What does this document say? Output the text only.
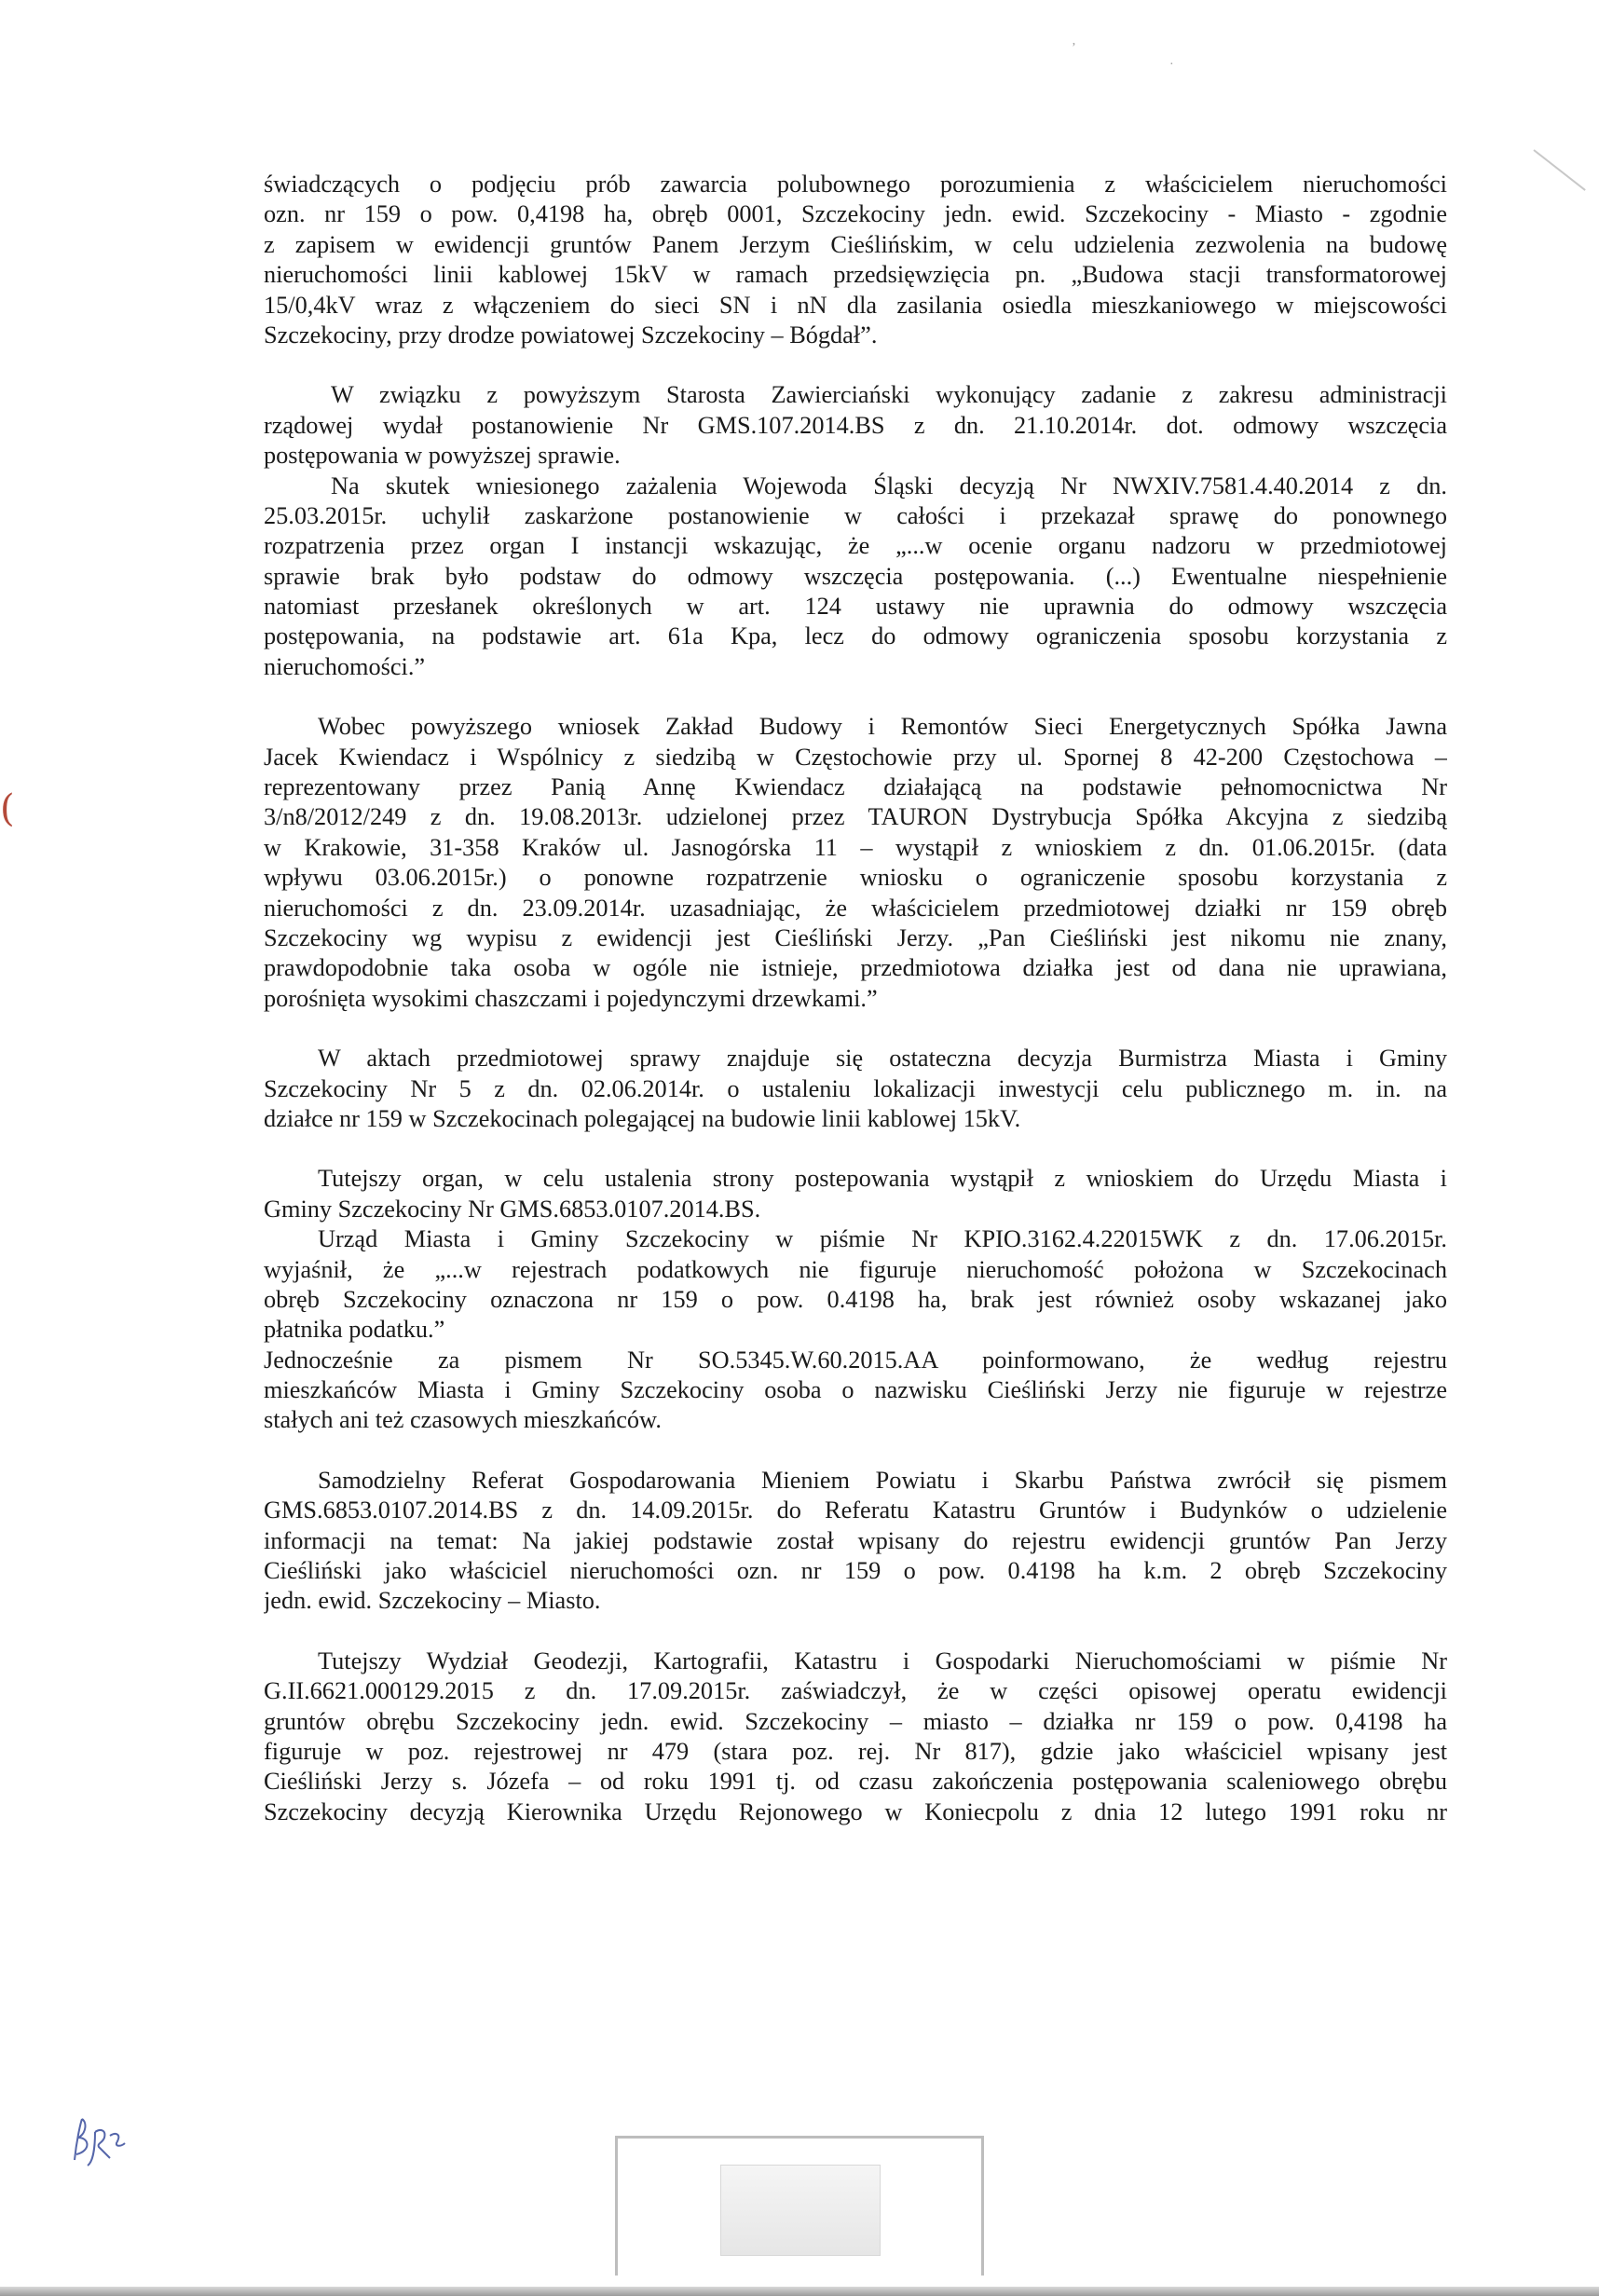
ʼ
·
(
świadczących o podjęciu prób zawarcia polubownego porozumienia z właścicielem nieruchomości
ozn. nr 159 o pow. 0,4198 ha, obręb 0001, Szczekociny jedn. ewid. Szczekociny - Miasto - zgodnie
z zapisem w ewidencji gruntów Panem Jerzym Cieślińskim, w celu udzielenia zezwolenia na budowę
nieruchomości linii kablowej 15kV w ramach przedsięwzięcia pn. „Budowa stacji transformatorowej
15/0,4kV wraz z włączeniem do sieci SN i nN dla zasilania osiedla mieszkaniowego w miejscowości
Szczekociny, przy drodze powiatowej Szczekociny – Bógdał”.
W związku z powyższym Starosta Zawierciański wykonujący zadanie z zakresu administracji
rządowej wydał postanowienie Nr GMS.107.2014.BS z dn. 21.10.2014r. dot. odmowy wszczęcia
postępowania w powyższej sprawie.
Na skutek wniesionego zażalenia Wojewoda Śląski decyzją Nr NWXIV.7581.4.40.2014 z dn.
25.03.2015r. uchylił zaskarżone postanowienie w całości i przekazał sprawę do ponownego
rozpatrzenia przez organ I instancji wskazując, że „...w ocenie organu nadzoru w przedmiotowej
sprawie brak było podstaw do odmowy wszczęcia postępowania. (...) Ewentualne niespełnienie
natomiast przesłanek określonych w art. 124 ustawy nie uprawnia do odmowy wszczęcia
postępowania, na podstawie art. 61a Kpa, lecz do odmowy ograniczenia sposobu korzystania z
nieruchomości.”
Wobec powyższego wniosek Zakład Budowy i Remontów Sieci Energetycznych Spółka Jawna
Jacek Kwiendacz i Wspólnicy z siedzibą w Częstochowie przy ul. Spornej 8 42-200 Częstochowa –
reprezentowany przez Panią Annę Kwiendacz działającą na podstawie pełnomocnictwa Nr
3/n8/2012/249 z dn. 19.08.2013r. udzielonej przez TAURON Dystrybucja Spółka Akcyjna z siedzibą
w Krakowie, 31-358 Kraków ul. Jasnogórska 11 – wystąpił z wnioskiem z dn. 01.06.2015r. (data
wpływu 03.06.2015r.) o ponowne rozpatrzenie wniosku o ograniczenie sposobu korzystania z
nieruchomości z dn. 23.09.2014r. uzasadniając, że właścicielem przedmiotowej działki nr 159 obręb
Szczekociny wg wypisu z ewidencji jest Cieśliński Jerzy. „Pan Cieśliński jest nikomu nie znany,
prawdopodobnie taka osoba w ogóle nie istnieje, przedmiotowa działka jest od dana nie uprawiana,
porośnięta wysokimi chaszczami i pojedynczymi drzewkami.”
W aktach przedmiotowej sprawy znajduje się ostateczna decyzja Burmistrza Miasta i Gminy
Szczekociny Nr 5 z dn. 02.06.2014r. o ustaleniu lokalizacji inwestycji celu publicznego m. in. na
działce nr 159 w Szczekocinach polegającej na budowie linii kablowej 15kV.
Tutejszy organ, w celu ustalenia strony postepowania wystąpił z wnioskiem do Urzędu Miasta i
Gminy Szczekociny Nr GMS.6853.0107.2014.BS.
Urząd Miasta i Gminy Szczekociny w piśmie Nr KPIO.3162.4.22015WK z dn. 17.06.2015r.
wyjaśnił, że „...w rejestrach podatkowych nie figuruje nieruchomość położona w Szczekocinach
obręb Szczekociny oznaczona nr 159 o pow. 0.4198 ha, brak jest również osoby wskazanej jako
płatnika podatku.”
Jednocześnie za pismem Nr SO.5345.W.60.2015.AA poinformowano, że według rejestru
mieszkańców Miasta i Gminy Szczekociny osoba o nazwisku Cieśliński Jerzy nie figuruje w rejestrze
stałych ani też czasowych mieszkańców.
Samodzielny Referat Gospodarowania Mieniem Powiatu i Skarbu Państwa zwrócił się pismem
GMS.6853.0107.2014.BS z dn. 14.09.2015r. do Referatu Katastru Gruntów i Budynków o udzielenie
informacji na temat: Na jakiej podstawie został wpisany do rejestru ewidencji gruntów Pan Jerzy
Cieśliński jako właściciel nieruchomości ozn. nr 159 o pow. 0.4198 ha k.m. 2 obręb Szczekociny
jedn. ewid. Szczekociny – Miasto.
Tutejszy Wydział Geodezji, Kartografii, Katastru i Gospodarki Nieruchomościami w piśmie Nr
G.II.6621.000129.2015 z dn. 17.09.2015r. zaświadczył, że w części opisowej operatu ewidencji
gruntów obrębu Szczekociny jedn. ewid. Szczekociny – miasto – działka nr 159 o pow. 0,4198 ha
figuruje w poz. rejestrowej nr 479 (stara poz. rej. Nr 817), gdzie jako właściciel wpisany jest
Cieśliński Jerzy s. Józefa – od roku 1991 tj. od czasu zakończenia postępowania scaleniowego obrębu
Szczekociny decyzją Kierownika Urzędu Rejonowego w Koniecpolu z dnia 12 lutego 1991 roku nr
